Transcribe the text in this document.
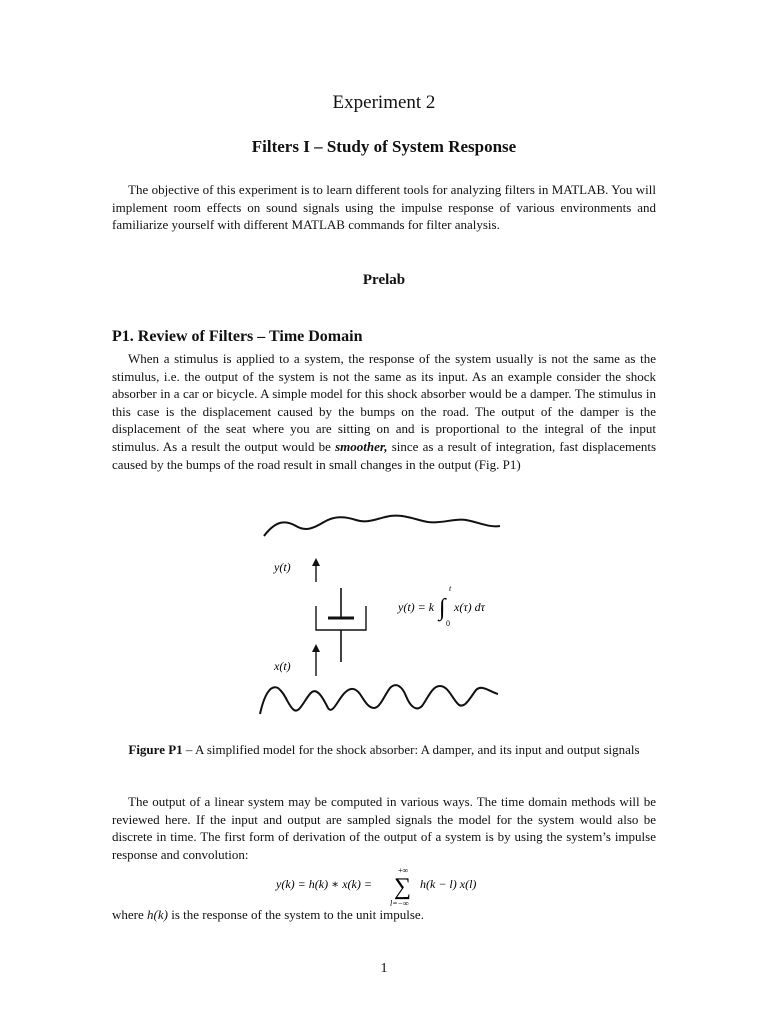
Experiment 2
Filters I – Study of System Response

The objective of this experiment is to learn different tools for analyzing filters in MATLAB. You will implement room effects on sound signals using the impulse response of various environments and familiarize yourself with different MATLAB commands for filter analysis.

Prelab
P1. Review of Filters – Time Domain

When a stimulus is applied to a system, the response of the system usually is not the same as the stimulus, i.e. the output of the system is not the same as its input. As an example consider the shock absorber in a car or bicycle. A simple model for this shock absorber would be a damper. The stimulus in this case is the displacement caused by the bumps on the road. The output of the damper is the displacement of the seat where you are sitting on and is proportional to the integral of the input stimulus. As a result the output would be smoother, since as a result of integration, fast displacements caused by the bumps of the road result in small changes in the output (Fig. P1)

y(t)
x(t)
y(t) = k ∫
t
0
x(τ) dτ
Figure P1 – A simplified model for the shock absorber: A damper, and its input and output signals

The output of a linear system may be computed in various ways. The time domain methods will be reviewed here. If the input and output are sampled signals the model for the system would also be discrete in time. The first form of derivation of the output of a system is by using the system’s impulse response and convolution:

y(k) = h(k) ∗ x(k) =
+∞
∑
l=−∞
h(k − l) x(l)
where h(k) is the response of the system to the unit impulse.
1
